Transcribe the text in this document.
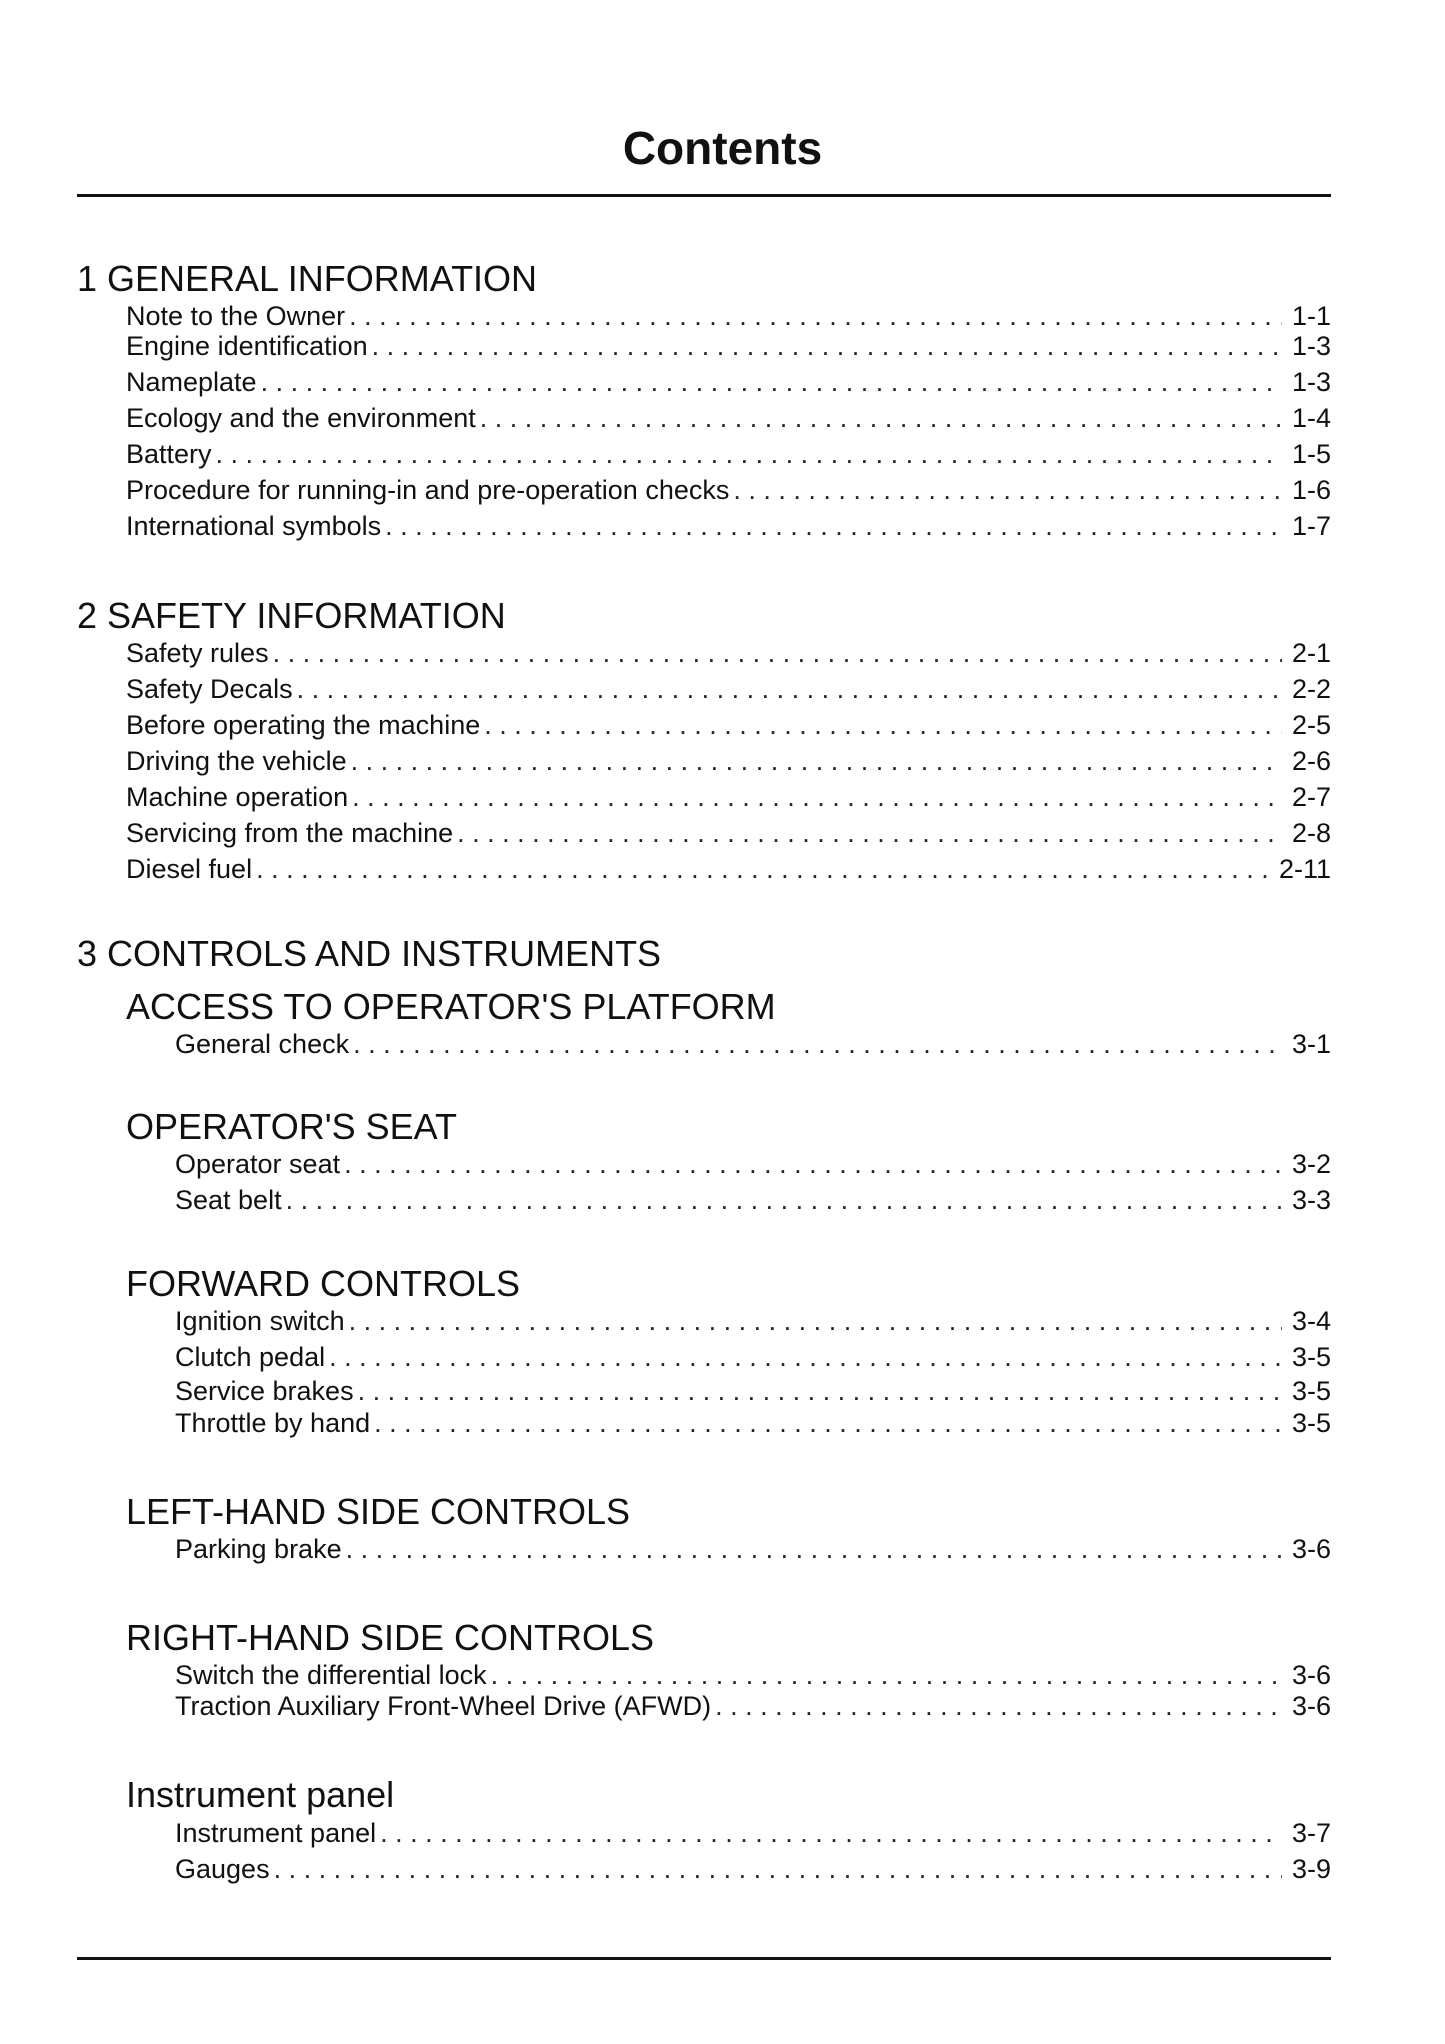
Contents
1 GENERAL INFORMATION
Note to the Owner . . .	1-1
Engine identification . . .	1-3
Nameplate . . .	1-3
Ecology and the environment . . .	1-4
Battery . . .	1-5
Procedure for running-in and pre-operation checks . . .	1-6
International symbols . . .	1-7
2 SAFETY INFORMATION
Safety rules . . .	2-1
Safety Decals . . .	2-2
Before operating the machine . . .	2-5
Driving the vehicle . . .	2-6
Machine operation . . .	2-7
Servicing from the machine . . .	2-8
Diesel fuel . . .	2-11
3 CONTROLS AND INSTRUMENTS
ACCESS TO OPERATOR'S PLATFORM
General check . . .	3-1
OPERATOR'S SEAT
Operator seat . . .	3-2
Seat belt . . .	3-3
FORWARD CONTROLS
Ignition switch . . .	3-4
Clutch pedal . . .	3-5
Service brakes . . .	3-5
Throttle by hand . . .	3-5
LEFT-HAND SIDE CONTROLS
Parking brake . . .	3-6
RIGHT-HAND SIDE CONTROLS
Switch the differential lock . . .	3-6
Traction Auxiliary Front-Wheel Drive (AFWD) . . .	3-6
Instrument panel
Instrument panel . . .	3-7
Gauges . . .	3-9
